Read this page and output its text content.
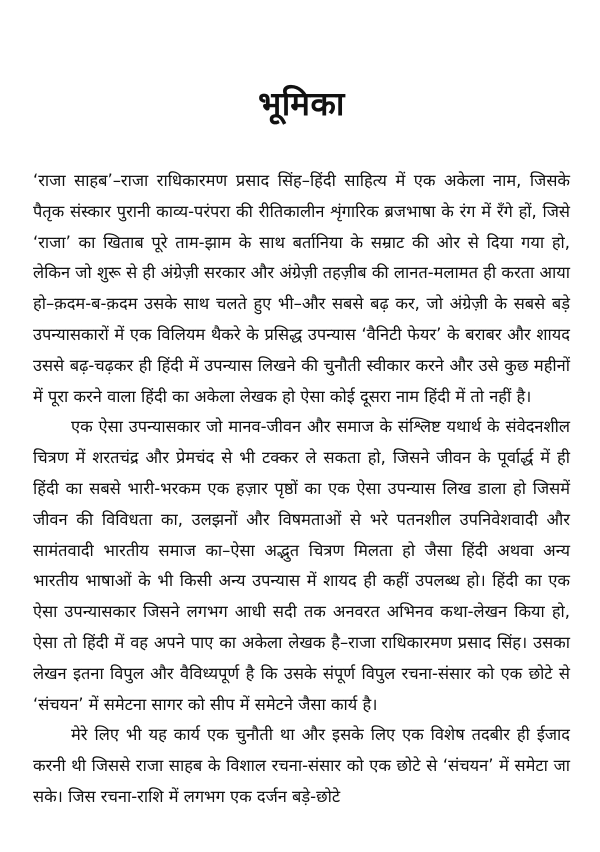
भूमिका

‘राजा साहब’–राजा राधिकारमण प्रसाद सिंह–हिंदी साहित्य में एक अकेला नाम, जिसके पैतृक संस्कार पुरानी काव्य-परंपरा की रीतिकालीन शृंगारिक ब्रजभाषा के रंग में रँगे हों, जिसे ‘राजा’ का खिताब पूरे ताम-झाम के साथ बर्तानिया के सम्राट की ओर से दिया गया हो, लेकिन जो शुरू से ही अंग्रेज़ी सरकार और अंग्रेज़ी तहज़ीब की लानत-मलामत ही करता आया हो–क़दम-ब-क़दम उसके साथ चलते हुए भी–और सबसे बढ़ कर, जो अंग्रेज़ी के सबसे बड़े उपन्यासकारों में एक विलियम थैकरे के प्रसिद्ध उपन्यास ‘वैनिटी फेयर’ के बराबर और शायद उससे बढ़-चढ़कर ही हिंदी में उपन्यास लिखने की चुनौती स्वीकार करने और उसे कुछ महीनों में पूरा करने वाला हिंदी का अकेला लेखक हो ऐसा कोई दूसरा नाम हिंदी में तो नहीं है।

एक ऐसा उपन्यासकार जो मानव-जीवन और समाज के संश्लिष्ट यथार्थ के संवेदनशील चित्रण में शरतचंद्र और प्रेमचंद से भी टक्कर ले सकता हो, जिसने जीवन के पूर्वार्द्ध में ही हिंदी का सबसे भारी-भरकम एक हज़ार पृष्ठों का एक ऐसा उपन्यास लिख डाला हो जिसमें जीवन की विविधता का, उलझनों और विषमताओं से भरे पतनशील उपनिवेशवादी और सामंतवादी भारतीय समाज का–ऐसा अद्भुत चित्रण मिलता हो जैसा हिंदी अथवा अन्य भारतीय भाषाओं के भी किसी अन्य उपन्यास में शायद ही कहीं उपलब्ध हो। हिंदी का एक ऐसा उपन्यासकार जिसने लगभग आधी सदी तक अनवरत अभिनव कथा-लेखन किया हो, ऐसा तो हिंदी में वह अपने पाए का अकेला लेखक है–राजा राधिकारमण प्रसाद सिंह। उसका लेखन इतना विपुल और वैविध्यपूर्ण है कि उसके संपूर्ण विपुल रचना-संसार को एक छोटे से ‘संचयन’ में समेटना सागर को सीप में समेटने जैसा कार्य है।

मेरे लिए भी यह कार्य एक चुनौती था और इसके लिए एक विशेष तदबीर ही ईजाद करनी थी जिससे राजा साहब के विशाल रचना-संसार को एक छोटे से ‘संचयन’ में समेटा जा सके। जिस रचना-राशि में लगभग एक दर्जन बड़े-छोटे
